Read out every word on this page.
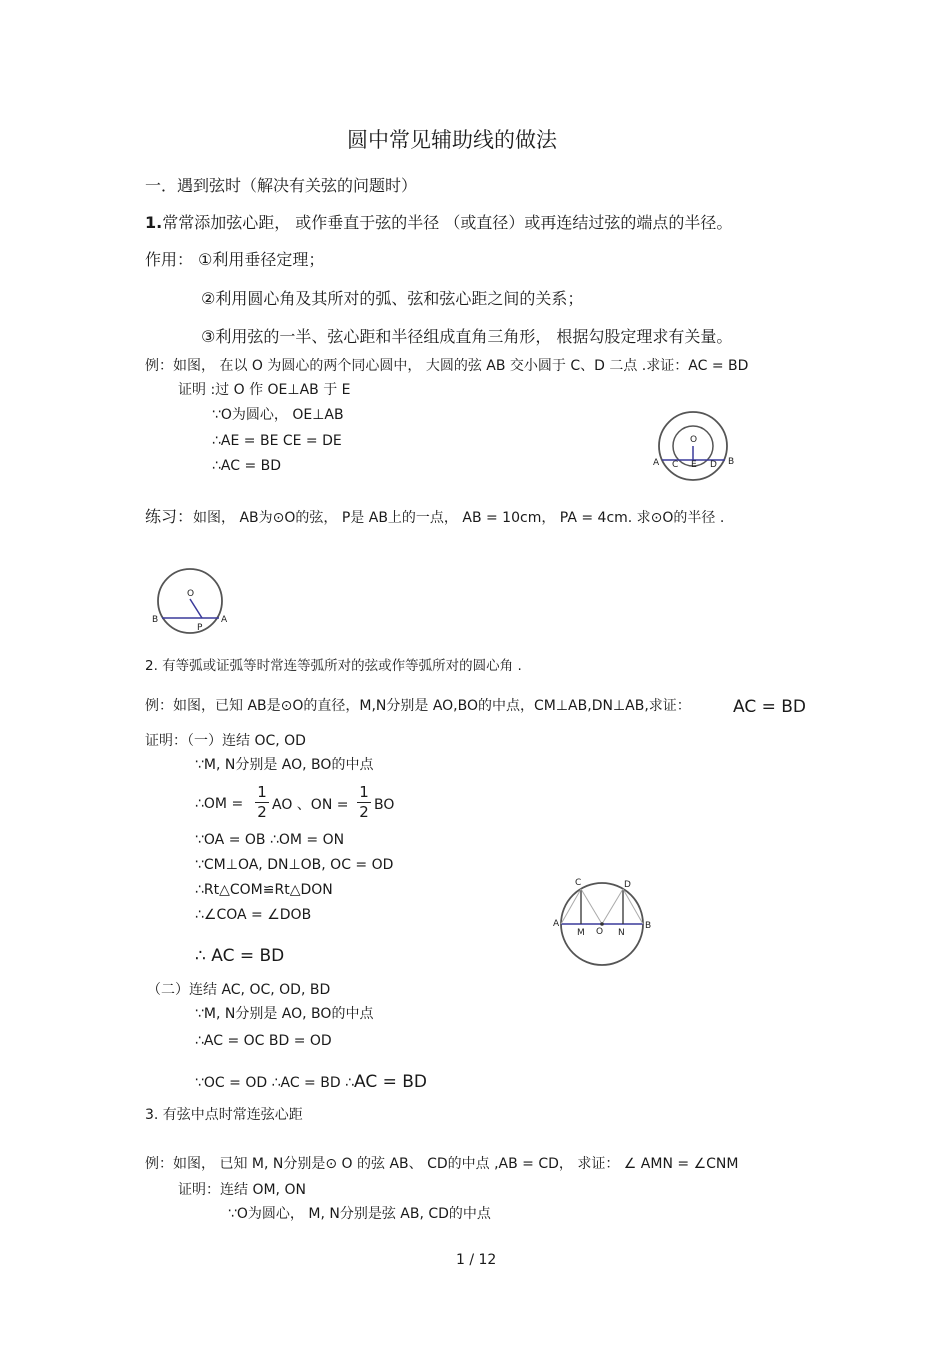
圆中常见辅助线的做法
一．遇到弦时（解决有关弦的问题时）
1.常常添加弦心距， 或作垂直于弦的半径 （或直径）或再连结过弦的端点的半径。
作用： ①利用垂径定理；
②利用圆心角及其所对的弧、弦和弦心距之间的关系；
③利用弦的一半、弦心距和半径组成直角三角形， 根据勾股定理求有关量。
例：如图， 在以 O 为圆心的两个同心圆中， 大圆的弦 AB 交小圆于 C、D 二点 .求证：AC = BD
证明 :过 O 作 OE⊥AB 于 E
∵O为圆心， OE⊥AB
∴AE = BE CE = DE
∴AC = BD
O
A C E D B
练习：如图， AB为⊙O的弦， P是 AB上的一点， AB = 10cm， PA = 4cm. 求⊙O的半径 .
O
B
P
A
2. 有等弧或证弧等时常连等弧所对的弦或作等弧所对的圆心角 .
例：如图，已知 AB是⊙O的直径，M,N分别是 AO,BO的中点，CM⊥AB,DN⊥AB,求证： AC = BD
证明：（一）连结 OC, OD
∵M, N分别是 AO, BO的中点
∴OM =
1
2 AO 、ON =
1
2 BO
∵OA = OB ∴OM = ON
∵CM⊥OA, DN⊥OB, OC = OD
∴Rt△COM≌Rt△DON
∴∠COA = ∠DOB
∴ AC = BD
C	D
A
M O N
B
（二）连结 AC, OC, OD, BD
∵M, N分别是 AO, BO的中点
∴AC = OC BD = OD
∵OC = OD ∴AC = BD ∴AC = BD
3. 有弦中点时常连弦心距
例：如图， 已知 M, N分别是⊙ O 的弦 AB、 CD的中点 ,AB = CD， 求证： ∠ AMN = ∠CNM
证明：连结 OM, ON
∵O为圆心， M, N分别是弦 AB, CD的中点
1 / 12
